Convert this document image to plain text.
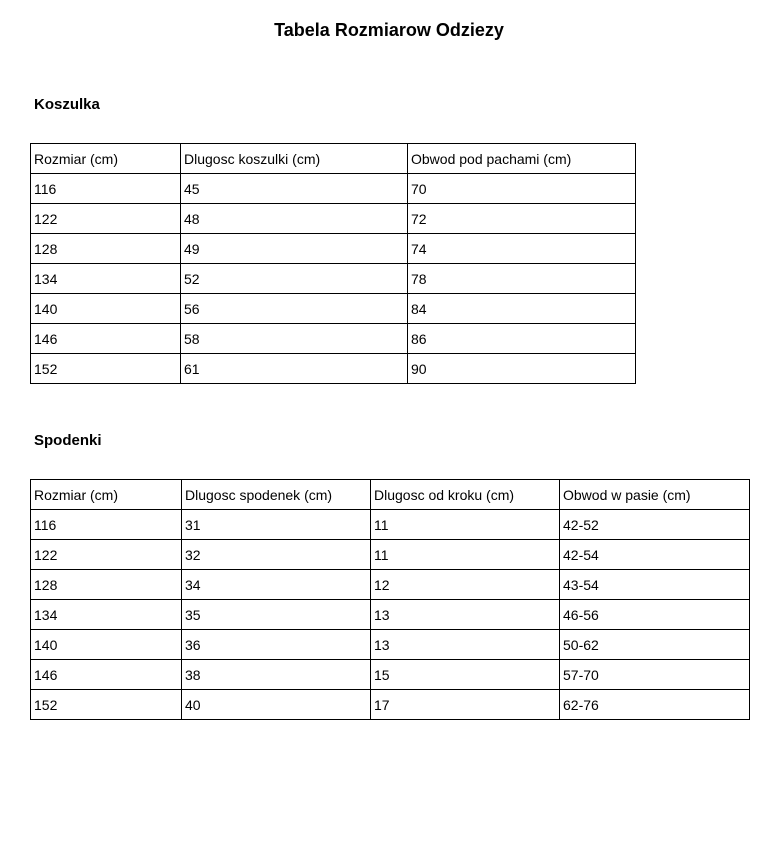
Tabela Rozmiarow Odziezy
Koszulka
Rozmiar (cm)	Dlugosc koszulki (cm)	Obwod pod pachami (cm)
116	45	70
122	48	72
128	49	74
134	52	78
140	56	84
146	58	86
152	61	90
Spodenki
Rozmiar (cm)	Dlugosc spodenek (cm)	Dlugosc od kroku (cm)	Obwod w pasie (cm)
116	31	11	42-52
122	32	11	42-54
128	34	12	43-54
134	35	13	46-56
140	36	13	50-62
146	38	15	57-70
152	40	17	62-76
